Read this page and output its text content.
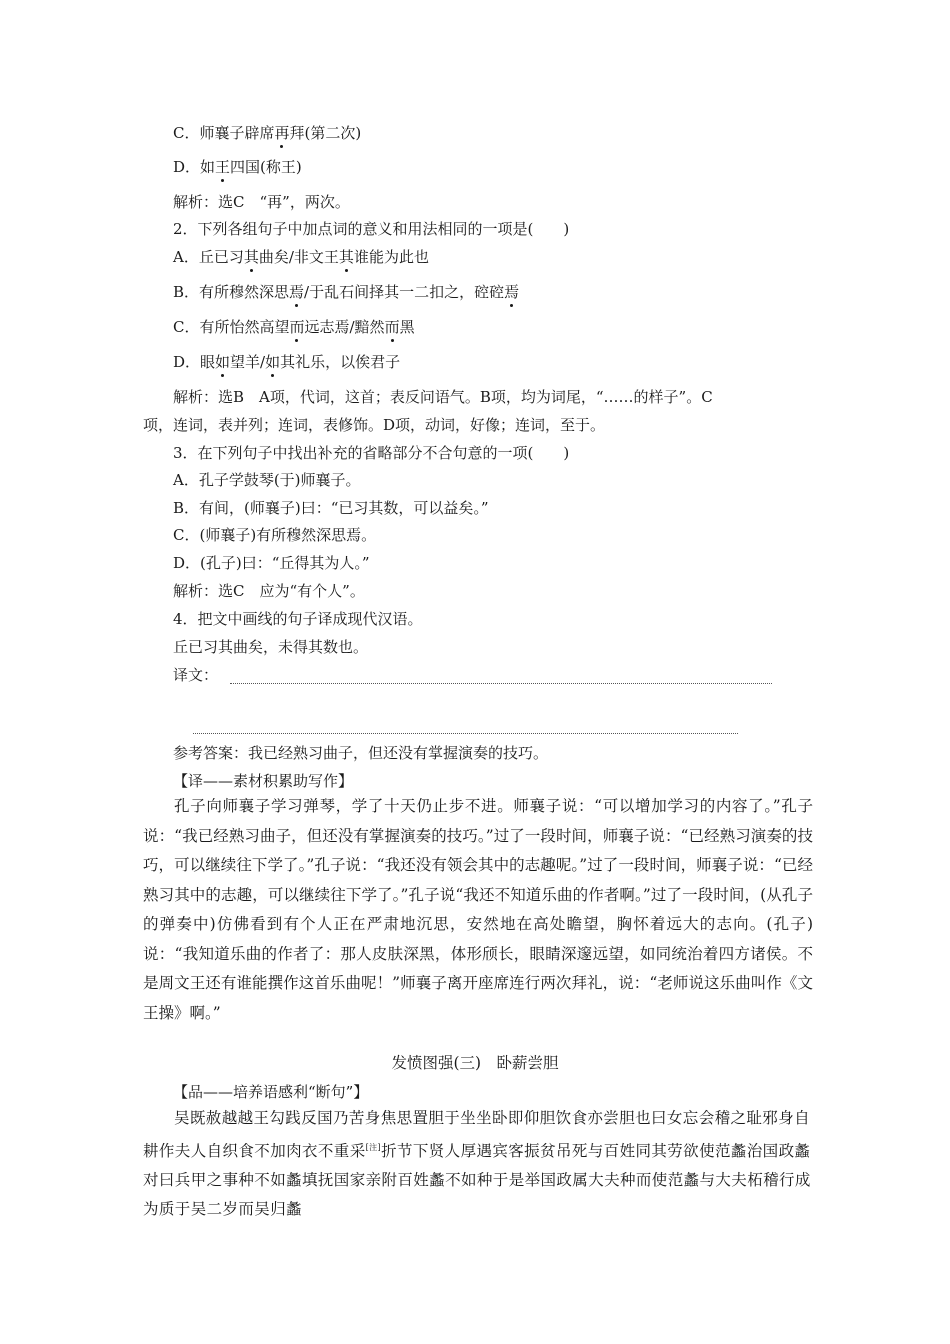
C．师襄子辟席再拜(第二次)
D．如王四国(称王)
解析：选C　“再”，两次。
2．下列各组句子中加点词的意义和用法相同的一项是(　　)
A．丘已习其曲矣/非文王其谁能为此也
B．有所穆然深思焉/于乱石间择其一二扣之，硿硿焉
C．有所怡然高望而远志焉/黯然而黑
D．眼如望羊/如其礼乐，以俟君子
解析：选B　A项，代词，这首；表反问语气。B项，均为词尾，“……的样子”。C
项，连词，表并列；连词，表修饰。D项，动词，好像；连词，至于。
3．在下列句子中找出补充的省略部分不合句意的一项(　　)
A．孔子学鼓琴(于)师襄子。
B．有间，(师襄子)曰：“已习其数，可以益矣。”
C．(师襄子)有所穆然深思焉。
D．(孔子)曰：“丘得其为人。”
解析：选C　应为“有个人”。
4．把文中画线的句子译成现代汉语。
丘已习其曲矣，未得其数也。
译文：
参考答案：我已经熟习曲子，但还没有掌握演奏的技巧。
【译——素材积累助写作】
孔子向师襄子学习弹琴，学了十天仍止步不进。师襄子说：“可以增加学习的内容了。”孔子说：“我已经熟习曲子，但还没有掌握演奏的技巧。”过了一段时间，师襄子说：“已经熟习演奏的技巧，可以继续往下学了。”孔子说：“我还没有领会其中的志趣呢。”过了一段时间，师襄子说：“已经熟习其中的志趣，可以继续往下学了。”孔子说“我还不知道乐曲的作者啊。”过了一段时间，(从孔子的弹奏中)仿佛看到有个人正在严肃地沉思，安然地在高处瞻望，胸怀着远大的志向。(孔子)说：“我知道乐曲的作者了：那人皮肤深黑，体形颀长，眼睛深邃远望，如同统治着四方诸侯。不是周文王还有谁能撰作这首乐曲呢！”师襄子离开座席连行两次拜礼，说：“老师说这乐曲叫作《文王操》啊。”
发愤图强(三)　卧薪尝胆
【品——培养语感利“断句”】
吴既赦越越王勾践反国乃苦身焦思置胆于坐坐卧即仰胆饮食亦尝胆也曰女忘会稽之耻邪身自耕作夫人自织食不加肉衣不重采[注]折节下贤人厚遇宾客振贫吊死与百姓同其劳欲使范蠡治国政蠡对曰兵甲之事种不如蠡填抚国家亲附百姓蠡不如种于是举国政属大夫种而使范蠡与大夫柘稽行成为质于吴二岁而吴归蠡
